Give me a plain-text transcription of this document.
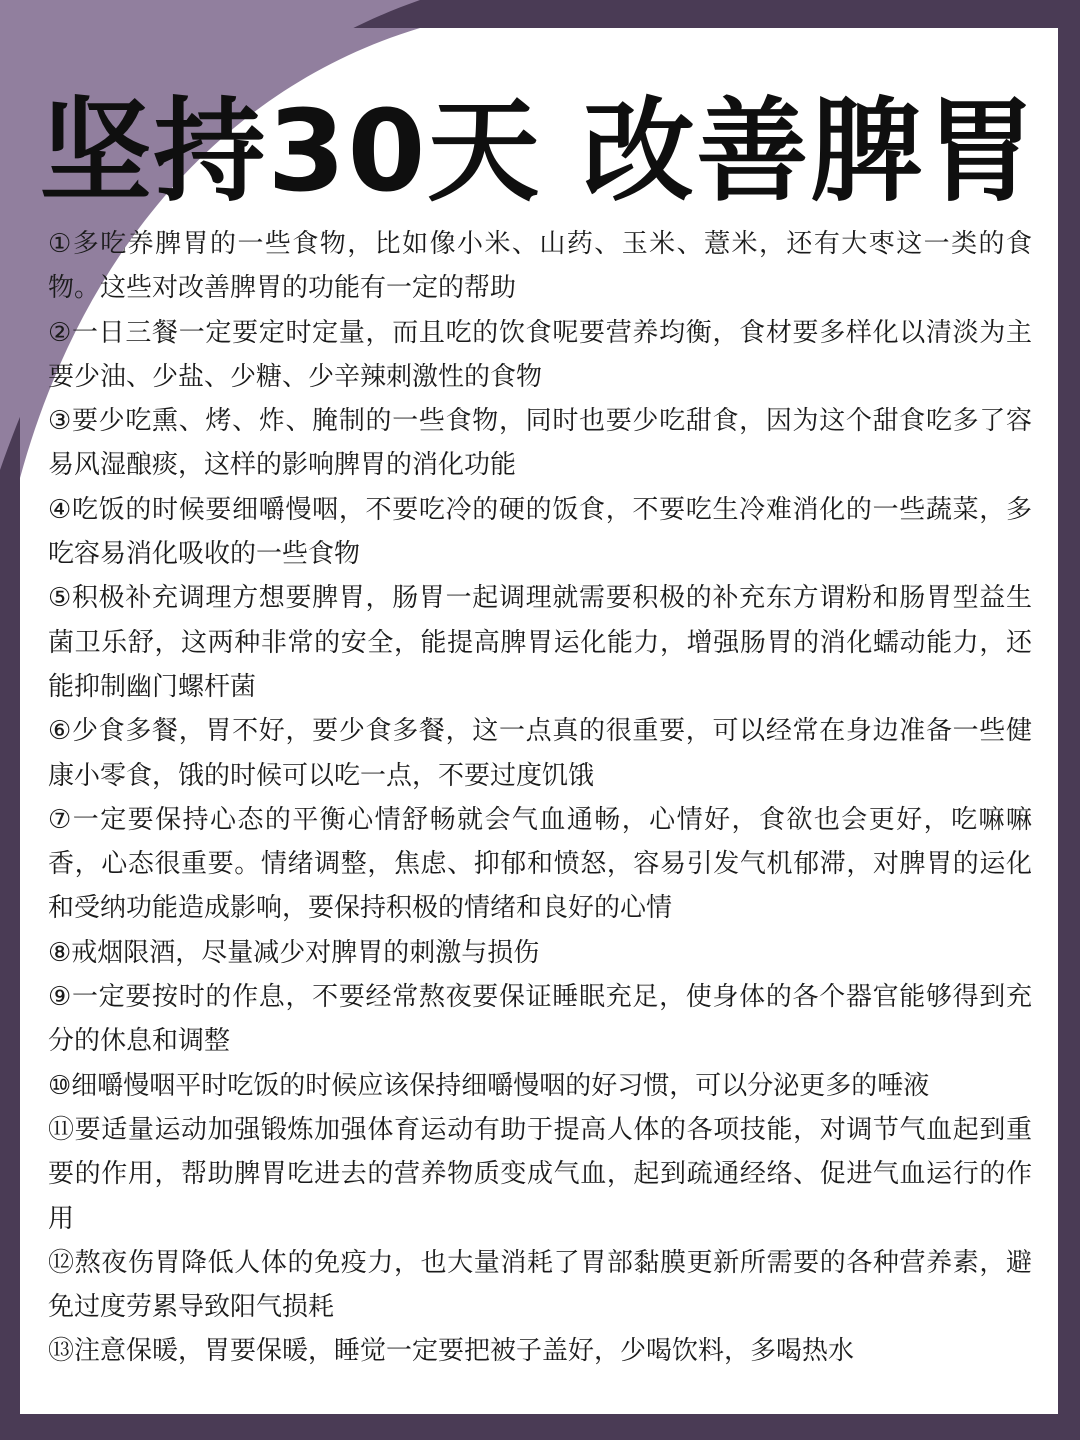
坚持30天 改善脾胃
①多吃养脾胃的一些食物，比如像小米、山药、玉米、薏米，还有大枣这一类的食物。这些对改善脾胃的功能有一定的帮助
②一日三餐一定要定时定量，而且吃的饮食呢要营养均衡，食材要多样化以清淡为主要少油、少盐、少糖、少辛辣刺激性的食物
③要少吃熏、烤、炸、腌制的一些食物，同时也要少吃甜食，因为这个甜食吃多了容易风湿酿痰，这样的影响脾胃的消化功能
④吃饭的时候要细嚼慢咽，不要吃冷的硬的饭食，不要吃生冷难消化的一些蔬菜，多吃容易消化吸收的一些食物
⑤积极补充调理方想要脾胃，肠胃一起调理就需要积极的补充东方谓粉和肠胃型益生菌卫乐舒，这两种非常的安全，能提高脾胃运化能力，增强肠胃的消化蠕动能力，还能抑制幽门螺杆菌
⑥少食多餐，胃不好，要少食多餐，这一点真的很重要，可以经常在身边准备一些健康小零食，饿的时候可以吃一点，不要过度饥饿
⑦一定要保持心态的平衡心情舒畅就会气血通畅，心情好，食欲也会更好，吃嘛嘛香，心态很重要。情绪调整，焦虑、抑郁和愤怒，容易引发气机郁滞，对脾胃的运化和受纳功能造成影响，要保持积极的情绪和良好的心情
⑧戒烟限酒，尽量减少对脾胃的刺激与损伤
⑨一定要按时的作息，不要经常熬夜要保证睡眠充足，使身体的各个器官能够得到充分的休息和调整
⑩细嚼慢咽平时吃饭的时候应该保持细嚼慢咽的好习惯，可以分泌更多的唾液
⑪要适量运动加强锻炼加强体育运动有助于提高人体的各项技能，对调节气血起到重要的作用，帮助脾胃吃进去的营养物质变成气血，起到疏通经络、促进气血运行的作用
⑫熬夜伤胃降低人体的免疫力，也大量消耗了胃部黏膜更新所需要的各种营养素，避免过度劳累导致阳气损耗
⑬注意保暖，胃要保暖，睡觉一定要把被子盖好，少喝饮料，多喝热水
